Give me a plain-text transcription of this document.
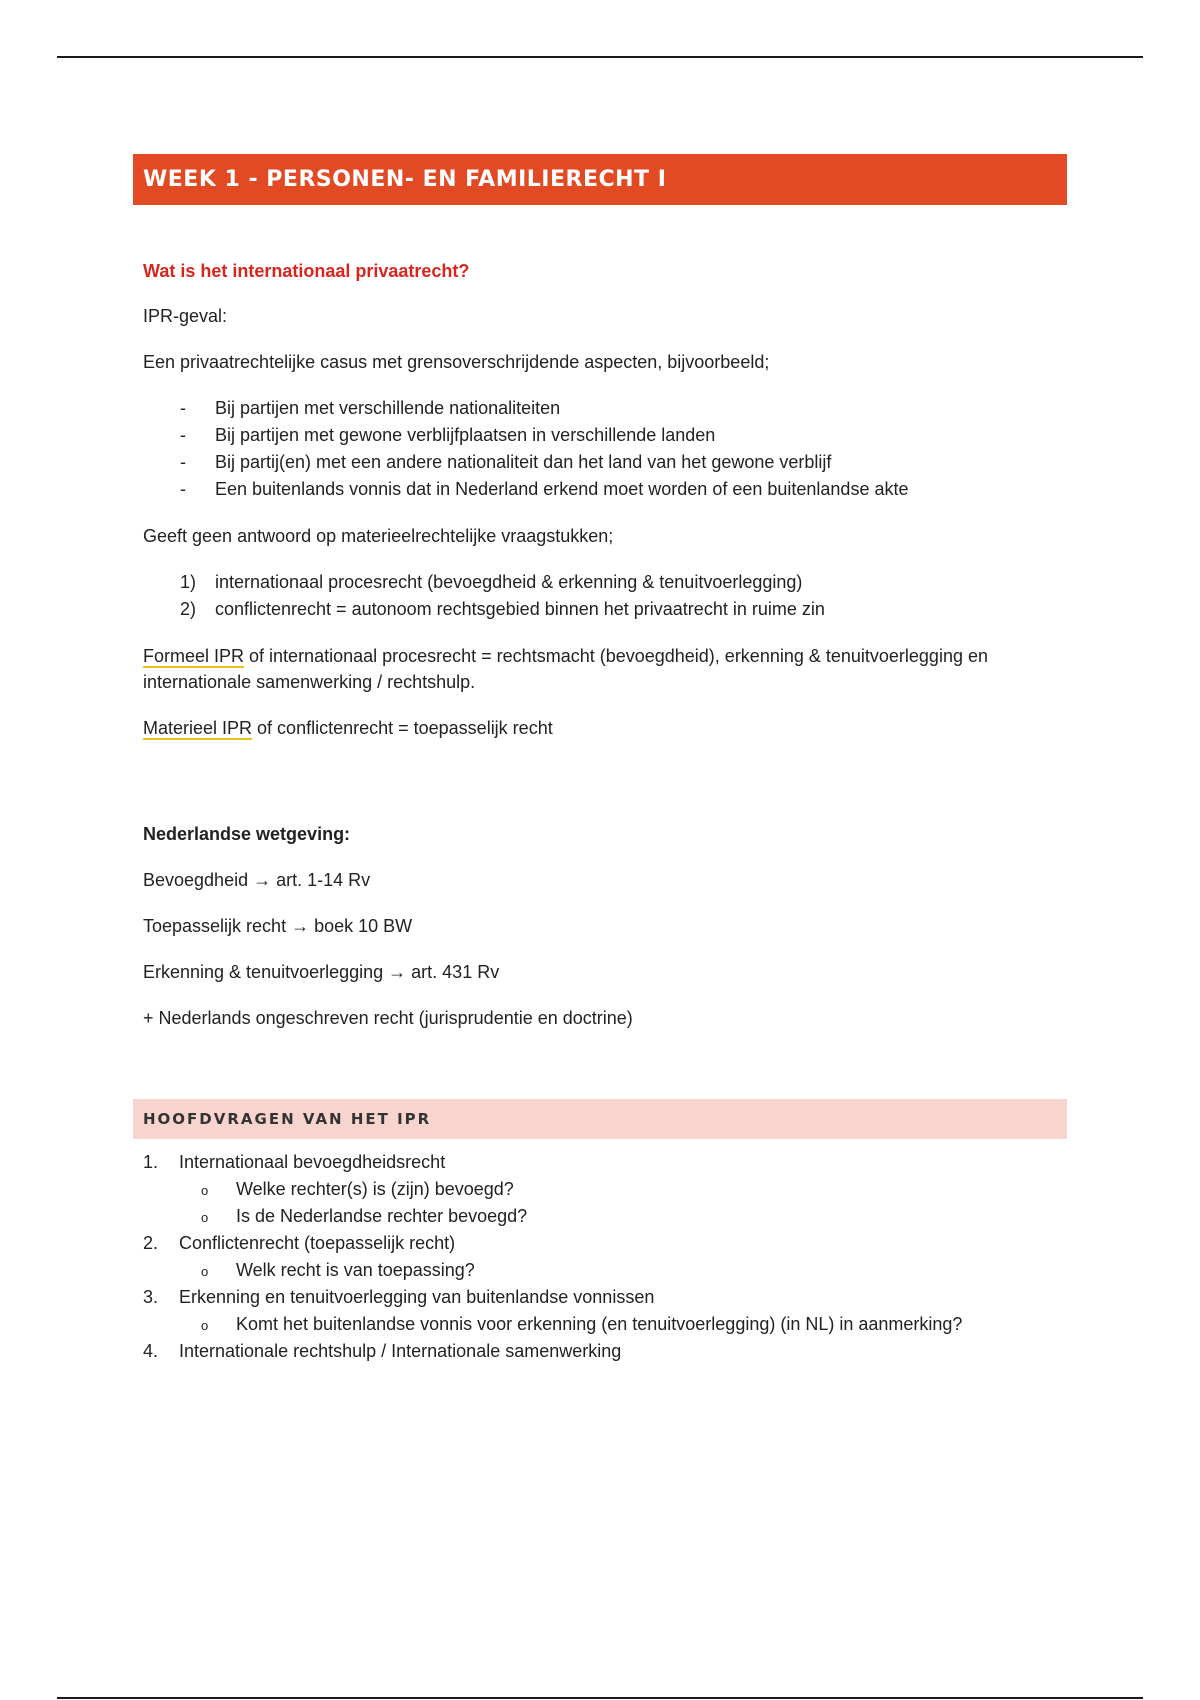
WEEK 1 - PERSONEN- EN FAMILIERECHT I
Wat is het internationaal privaatrecht?

IPR-geval:

Een privaatrechtelijke casus met grensoverschrijdende aspecten, bijvoorbeeld;

- Bij partijen met verschillende nationaliteiten
- Bij partijen met gewone verblijfplaatsen in verschillende landen
- Bij partij(en) met een andere nationaliteit dan het land van het gewone verblijf
- Een buitenlands vonnis dat in Nederland erkend moet worden of een buitenlandse akte

Geeft geen antwoord op materieelrechtelijke vraagstukken;

1) internationaal procesrecht (bevoegdheid & erkenning & tenuitvoerlegging)
2) conflictenrecht = autonoom rechtsgebied binnen het privaatrecht in ruime zin

Formeel IPR of internationaal procesrecht = rechtsmacht (bevoegdheid), erkenning & tenuitvoerlegging en internationale samenwerking / rechtshulp.

Materieel IPR of conflictenrecht = toepasselijk recht

Nederlandse wetgeving:

Bevoegdheid → art. 1-14 Rv

Toepasselijk recht → boek 10 BW

Erkenning & tenuitvoerlegging → art. 431 Rv

+ Nederlands ongeschreven recht (jurisprudentie en doctrine)

HOOFDVRAGEN VAN HET IPR
1. Internationaal bevoegdheidsrecht
o Welke rechter(s) is (zijn) bevoegd?
o Is de Nederlandse rechter bevoegd?
2. Conflictenrecht (toepasselijk recht)
o Welk recht is van toepassing?
3. Erkenning en tenuitvoerlegging van buitenlandse vonnissen
o Komt het buitenlandse vonnis voor erkenning (en tenuitvoerlegging) (in NL) in aanmerking?
4. Internationale rechtshulp / Internationale samenwerking
